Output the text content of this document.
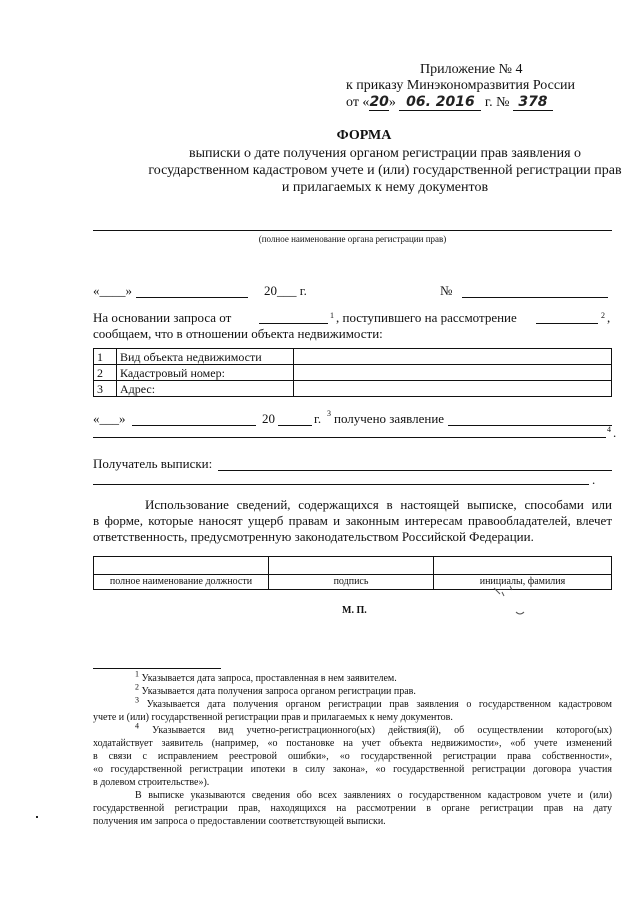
Приложение № 4
к приказу Минэкономразвития России
от «20» 06. 2016 г. № 378
ФОРМА
выписки о дате получения органом регистрации прав заявления о
государственном кадастровом учете и (или) государственной регистрации прав
и прилагаемых к нему документов
(полное наименование органа регистрации прав)
«____»	20___ г.	№
На основании запроса от	1 , поступившего на рассмотрение	2 ,
сообщаем, что в отношении объекта недвижимости:
1	Вид объекта недвижимости	
2	Кадастровый номер:	
3	Адрес:	
«___»	20	г. 3 получено заявление
4 .
Получатель выписки:
.
Использование сведений, содержащихся в настоящей выписке, способами или
в форме, которые наносят ущерб правам и законным интересам правообладателей, влечет
ответственность, предусмотренную законодательством Российской Федерации.

полное наименование должности	подпись	инициалы, фамилия
М. П.
$^1$ Указывается дата запроса, проставленная в нем заявителем.
$^2$ Указывается дата получения запроса органом регистрации прав.
$^3$ Указывается дата получения органом регистрации прав заявления о государственном кадастровом
учете и (или) государственной регистрации прав и прилагаемых к нему документов.
$^4$ Указывается вид учетно-регистрационного(ых) действия(й), об осуществлении которого(ых)
ходатайствует заявитель (например, «о постановке на учет объекта недвижимости», «об учете изменений
в связи с исправлением реестровой ошибки», «о государственной регистрации права собственности»,
«о государственной регистрации ипотеки в силу закона», «о государственной регистрации договора участия
в долевом строительстве»).
В выписке указываются сведения обо всех заявлениях о государственном кадастровом учете и (или)
государственной регистрации прав, находящихся на рассмотрении в органе регистрации прав на дату
получения им запроса о предоставлении соответствующей выписки.
